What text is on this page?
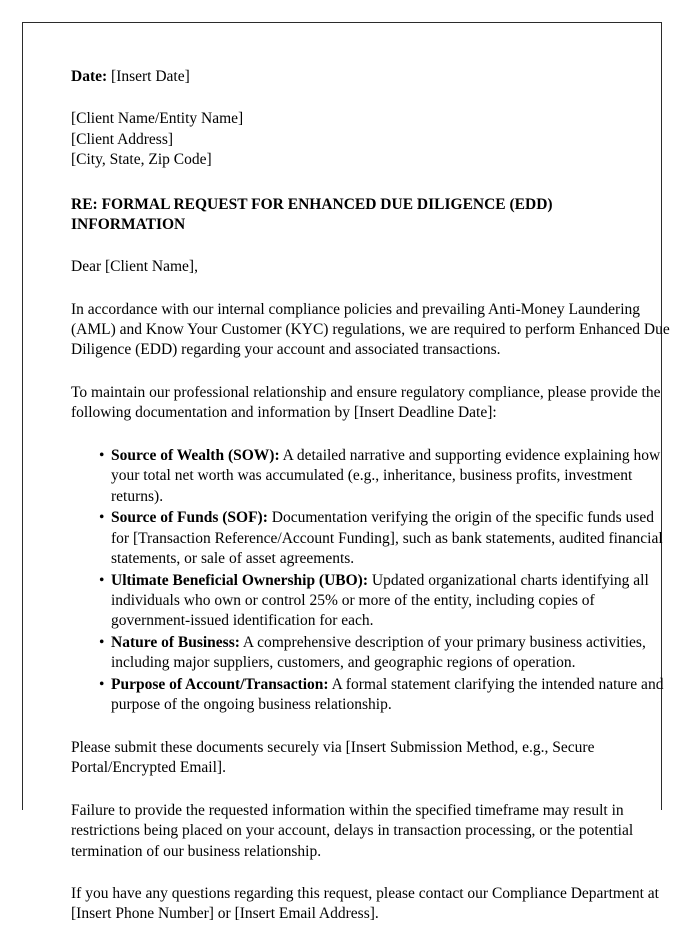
Date: [Insert Date]

[Client Name/Entity Name]
[Client Address]
[City, State, Zip Code]

RE: FORMAL REQUEST FOR ENHANCED DUE DILIGENCE (EDD) INFORMATION

Dear [Client Name],

In accordance with our internal compliance policies and prevailing Anti-Money Laundering (AML) and Know Your Customer (KYC) regulations, we are required to perform Enhanced Due Diligence (EDD) regarding your account and associated transactions.

To maintain our professional relationship and ensure regulatory compliance, please provide the following documentation and information by [Insert Deadline Date]:

• Source of Wealth (SOW): A detailed narrative and supporting evidence explaining how your total net worth was accumulated (e.g., inheritance, business profits, investment returns).
• Source of Funds (SOF): Documentation verifying the origin of the specific funds used for [Transaction Reference/Account Funding], such as bank statements, audited financial statements, or sale of asset agreements.
• Ultimate Beneficial Ownership (UBO): Updated organizational charts identifying all individuals who own or control 25% or more of the entity, including copies of government-issued identification for each.
• Nature of Business: A comprehensive description of your primary business activities, including major suppliers, customers, and geographic regions of operation.
• Purpose of Account/Transaction: A formal statement clarifying the intended nature and purpose of the ongoing business relationship.

Please submit these documents securely via [Insert Submission Method, e.g., Secure Portal/Encrypted Email].

Failure to provide the requested information within the specified timeframe may result in restrictions being placed on your account, delays in transaction processing, or the potential termination of our business relationship.

If you have any questions regarding this request, please contact our Compliance Department at [Insert Phone Number] or [Insert Email Address].
